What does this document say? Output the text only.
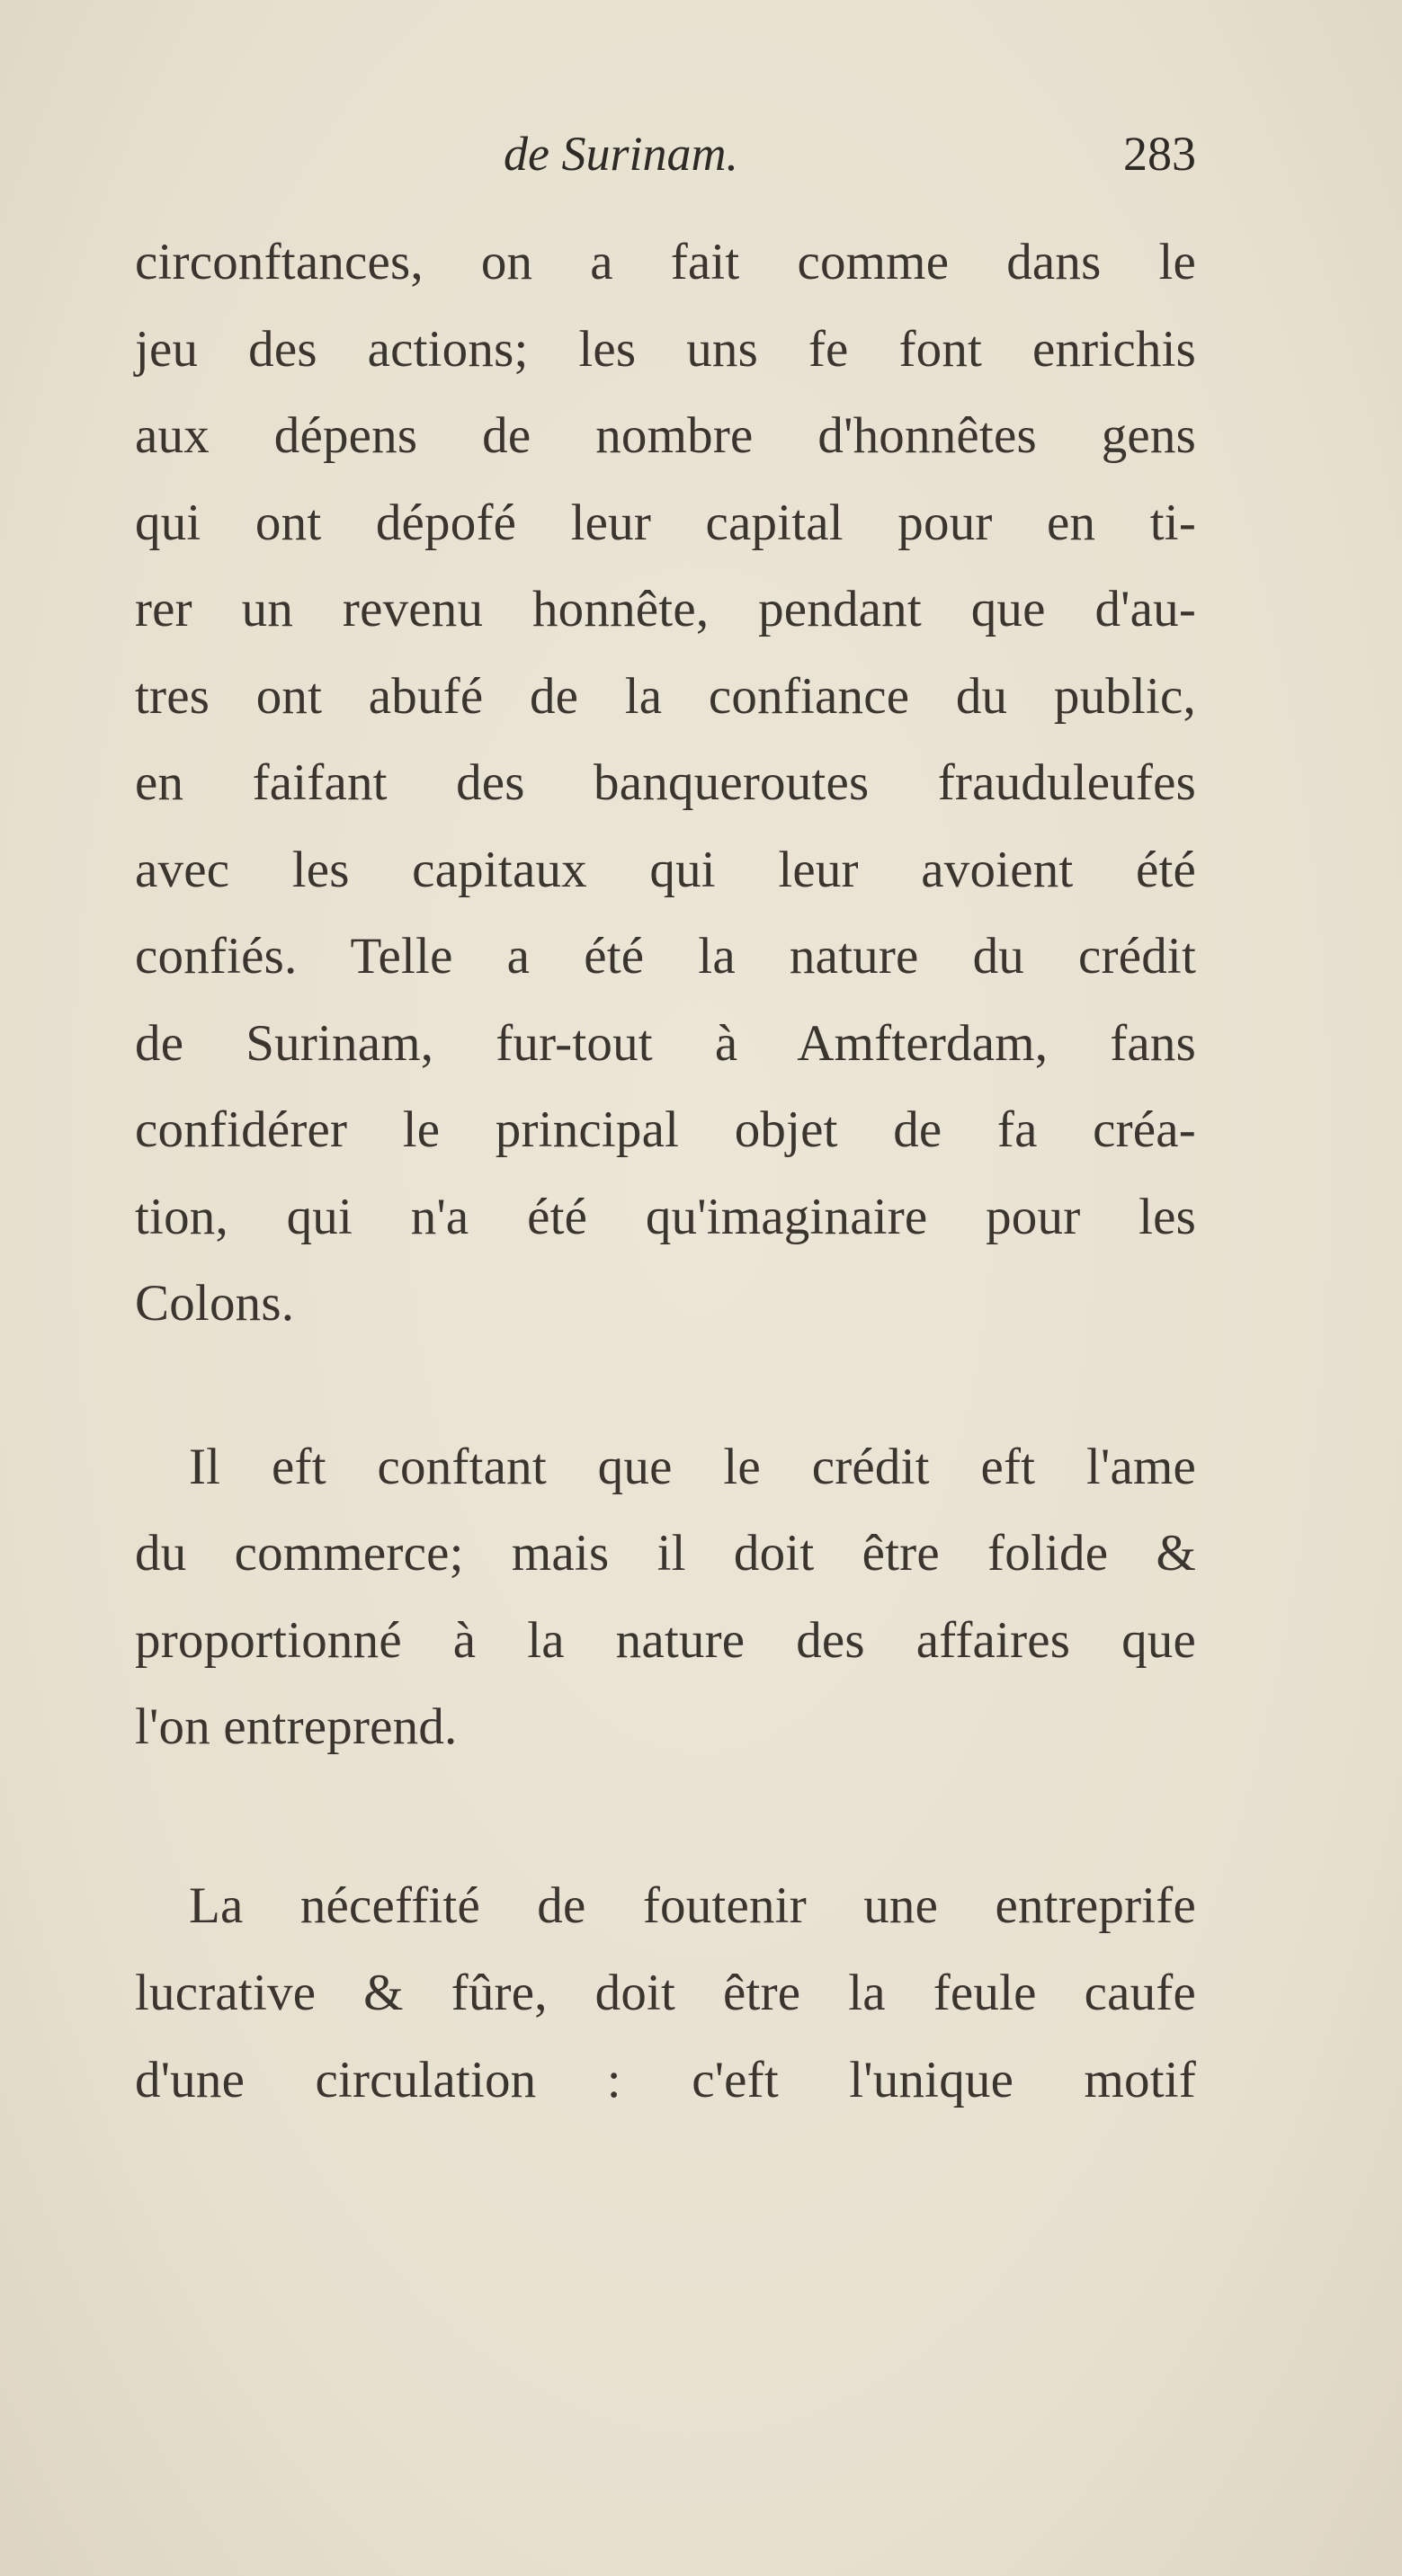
de Surinam.	283
circonftances, on a fait comme dans le
jeu des actions; les uns fe font enrichis
aux dépens de nombre d'honnêtes gens
qui ont dépofé leur capital pour en ti-
rer un revenu honnête, pendant que d'au-
tres ont abufé de la confiance du public,
en faifant des banqueroutes frauduleufes
avec les capitaux qui leur avoient été
confiés. Telle a été la nature du crédit
de Surinam, fur-tout à Amfterdam, fans
confidérer le principal objet de fa créa-
tion, qui n'a été qu'imaginaire pour les
Colons.
Il eft conftant que le crédit eft l'ame
du commerce; mais il doit être folide &
proportionné à la nature des affaires que
l'on entreprend.
La néceffité de foutenir une entreprife
lucrative & fûre, doit être la feule caufe
d'une circulation : c'eft l'unique motif
